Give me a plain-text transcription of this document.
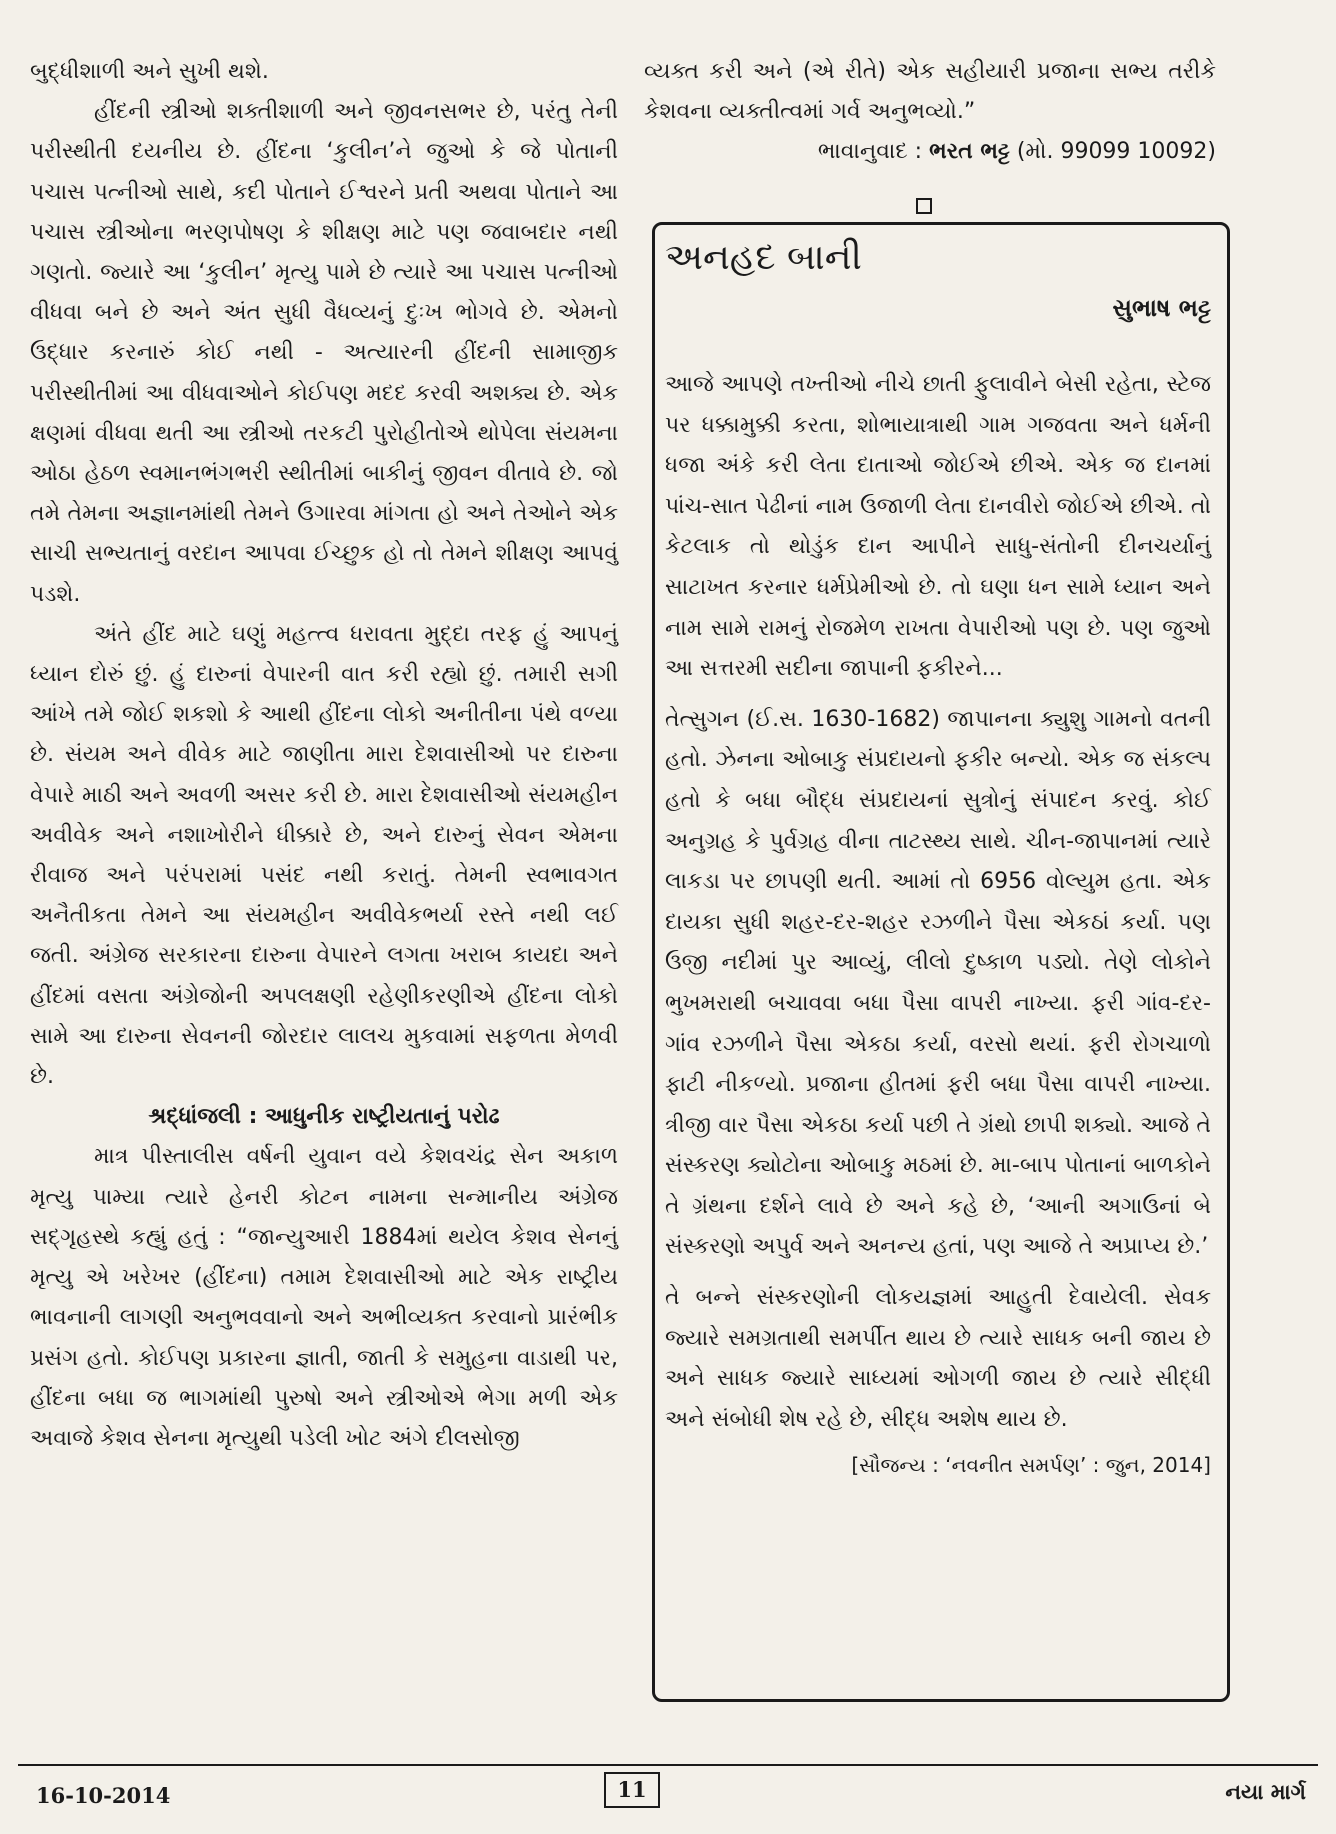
બુદ્ધીશાળી અને સુખી થશે.

હીંદની સ્ત્રીઓ શક્તીશાળી અને જીવનસભર છે, પરંતુ તેની પરીસ્થીતી દયનીય છે. હીંદના ‘કુલીન’ને જુઓ કે જે પોતાની પચાસ પત્નીઓ સાથે, કદી પોતાને ઈશ્વરને પ્રતી અથવા પોતાને આ પચાસ સ્ત્રીઓના ભરણપોષણ કે શીક્ષણ માટે પણ જવાબદાર નથી ગણતો. જ્યારે આ ‘કુલીન’ મૃત્યુ પામે છે ત્યારે આ પચાસ પત્નીઓ વીધવા બને છે અને અંત સુધી વૈધવ્યનું દુઃખ ભોગવે છે. એમનો ઉદ્ધાર કરનારું કોઈ નથી - અત્યારની હીંદની સામાજીક પરીસ્થીતીમાં આ વીધવાઓને કોઈપણ મદદ કરવી અશક્ય છે. એક ક્ષણમાં વીધવા થતી આ સ્ત્રીઓ તરકટી પુરોહીતોએ થોપેલા સંયમના ઓઠા હેઠળ સ્વમાનભંગભરી સ્થીતીમાં બાકીનું જીવન વીતાવે છે. જો તમે તેમના અજ્ઞાનમાંથી તેમને ઉગારવા માંગતા હો અને તેઓને એક સાચી સભ્યતાનું વરદાન આપવા ઈચ્છુક હો તો તેમને શીક્ષણ આપવું પડશે.

અંતે હીંદ માટે ઘણું મહત્ત્વ ધરાવતા મુદ્દા તરફ હું આપનું ધ્યાન દોરું છું. હું દારુનાં વેપારની વાત કરી રહ્યો છું. તમારી સગી આંખે તમે જોઈ શકશો કે આથી હીંદના લોકો અનીતીના પંથે વળ્યા છે. સંયમ અને વીવેક માટે જાણીતા મારા દેશવાસીઓ પર દારુના વેપારે માઠી અને અવળી અસર કરી છે. મારા દેશવાસીઓ સંયમહીન અવીવેક અને નશાખોરીને ધીક્કારે છે, અને દારુનું સેવન એમના રીવાજ અને પરંપરામાં પસંદ નથી કરાતું. તેમની સ્વભાવગત અનૈતીકતા તેમને આ સંયમહીન અવીવેકભર્યા રસ્તે નથી લઈ જતી. અંગ્રેજ સરકારના દારુના વેપારને લગતા ખરાબ કાયદા અને હીંદમાં વસતા અંગ્રેજોની અપલક્ષણી રહેણીકરણીએ હીંદના લોકો સામે આ દારુના સેવનની જોરદાર લાલચ મુકવામાં સફળતા મેળવી છે.

શ્રદ્ધાંજલી : આધુનીક રાષ્ટ્રીયતાનું પરોઢ

માત્ર પીસ્તાલીસ વર્ષની યુવાન વયે કેશવચંદ્ર સેન અકાળ મૃત્યુ પામ્યા ત્યારે હેનરી કોટન નામના સન્માનીય અંગ્રેજ સદ્‌ગૃહસ્થે કહ્યું હતું : “જાન્યુઆરી 1884માં થયેલ કેશવ સેનનું મૃત્યુ એ ખરેખર (હીંદના) તમામ દેશવાસીઓ માટે એક રાષ્ટ્રીય ભાવનાની લાગણી અનુભવવાનો અને અભીવ્યક્ત કરવાનો પ્રારંભીક પ્રસંગ હતો. કોઈપણ પ્રકારના જ્ઞાતી, જાતી કે સમુહના વાડાથી પર, હીંદના બધા જ ભાગમાંથી પુરુષો અને સ્ત્રીઓએ ભેગા મળી એક અવાજે કેશવ સેનના મૃત્યુથી પડેલી ખોટ અંગે દીલસોજી

વ્યક્ત કરી અને (એ રીતે) એક સહીયારી પ્રજાના સભ્ય તરીકે કેશવના વ્યક્તીત્વમાં ગર્વ અનુભવ્યો.”

ભાવાનુવાદ : ભરત ભટ્ટ (મો. 99099 10092)

અનહદ બાની

સુભાષ ભટ્ટ

આજે આપણે તખ્તીઓ નીચે છાતી ફુલાવીને બેસી રહેતા, સ્ટેજ પર ધક્કામુક્કી કરતા, શોભાયાત્રાથી ગામ ગજવતા અને ધર્મની ધજા અંકે કરી લેતા દાતાઓ જોઈએ છીએ. એક જ દાનમાં પાંચ-સાત પેઢીનાં નામ ઉજાળી લેતા દાનવીરો જોઈએ છીએ. તો કેટલાક તો થોડુંક દાન આપીને સાધુ-સંતોની દીનચર્યાનું સાટાખત કરનાર ધર્મપ્રેમીઓ છે. તો ઘણા ધન સામે ધ્યાન અને નામ સામે રામનું રોજમેળ રાખતા વેપારીઓ પણ છે. પણ જુઓ આ સત્તરમી સદીના જાપાની ફકીરને...

તેત્સુગન (ઈ.સ. 1630-1682) જાપાનના ક્યુશુ ગામનો વતની હતો. ઝેનના ઓબાકુ સંપ્રદાયનો ફકીર બન્યો. એક જ સંકલ્પ હતો કે બધા બૌદ્ધ સંપ્રદાયનાં સુત્રોનું સંપાદન કરવું. કોઈ અનુગ્રહ કે પુર્વગ્રહ વીના તાટસ્થ્ય સાથે. ચીન-જાપાનમાં ત્યારે લાકડા પર છાપણી થતી. આમાં તો 6956 વોલ્યુમ હતા. એક દાયકા સુધી શહર-દર-શહર રઝળીને પૈસા એકઠાં કર્યા. પણ ઉજી નદીમાં પુર આવ્યું, લીલો દુષ્કાળ પડ્યો. તેણે લોકોને ભુખમરાથી બચાવવા બધા પૈસા વાપરી નાખ્યા. ફરી ગાંવ-દર-ગાંવ રઝળીને પૈસા એકઠા કર્યા, વરસો થયાં. ફરી રોગચાળો ફાટી નીકળ્યો. પ્રજાના હીતમાં ફરી બધા પૈસા વાપરી નાખ્યા. ત્રીજી વાર પૈસા એકઠા કર્યા પછી તે ગ્રંથો છાપી શક્યો. આજે તે સંસ્કરણ ક્યોટોના ઓબાકુ મઠમાં છે. મા-બાપ પોતાનાં બાળકોને તે ગ્રંથના દર્શને લાવે છે અને કહે છે, ‘આની અગાઉનાં બે સંસ્કરણો અપુર્વ અને અનન્ય હતાં, પણ આજે તે અપ્રાપ્ય છે.’

તે બન્ને સંસ્કરણોની લોકયજ્ઞમાં આહુતી દેવાયેલી. સેવક જ્યારે સમગ્રતાથી સમર્પીત થાય છે ત્યારે સાધક બની જાય છે અને સાધક જ્યારે સાધ્યમાં ઓગળી જાય છે ત્યારે સીદ્ધી અને સંબોધી શેષ રહે છે, સીદ્ધ અશેષ થાય છે.

[સૌજન્ય : ‘નવનીત સમર્પણ’ : જુન, 2014]
16-10-2014	11	નયા માર્ગ
